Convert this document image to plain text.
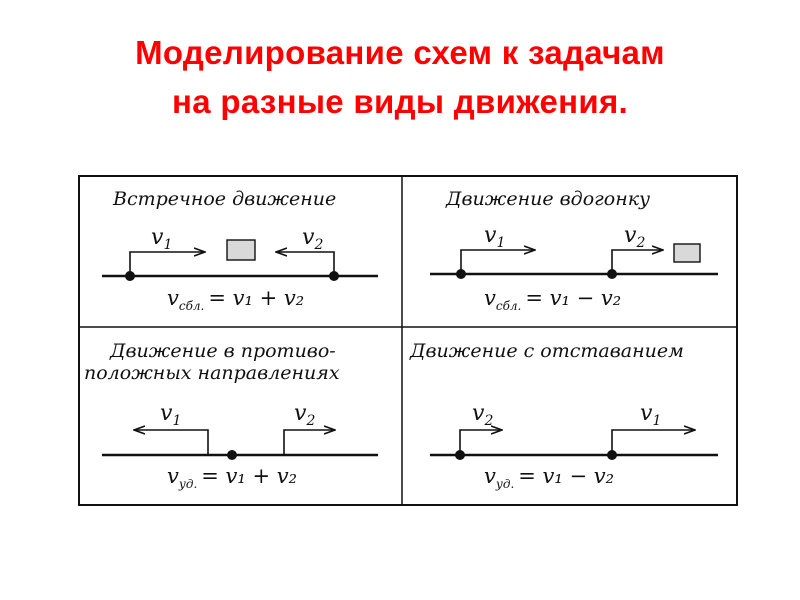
Моделирование схем к задачам
на разные виды движения.
Встречное движение
$v_1$	$v_2$
$v_{сбл.} = v_1 + v_2$
Движение вдогонку
$v_1$	$v_2$
$v_{сбл.} = v_1 - v_2$
Движение в противо-
положных направлениях
$v_1$	$v_2$
$v_{уд.} = v_1 + v_2$
Движение с отставанием
$v_2$	$v_1$
$v_{уд.} = v_1 - v_2$
